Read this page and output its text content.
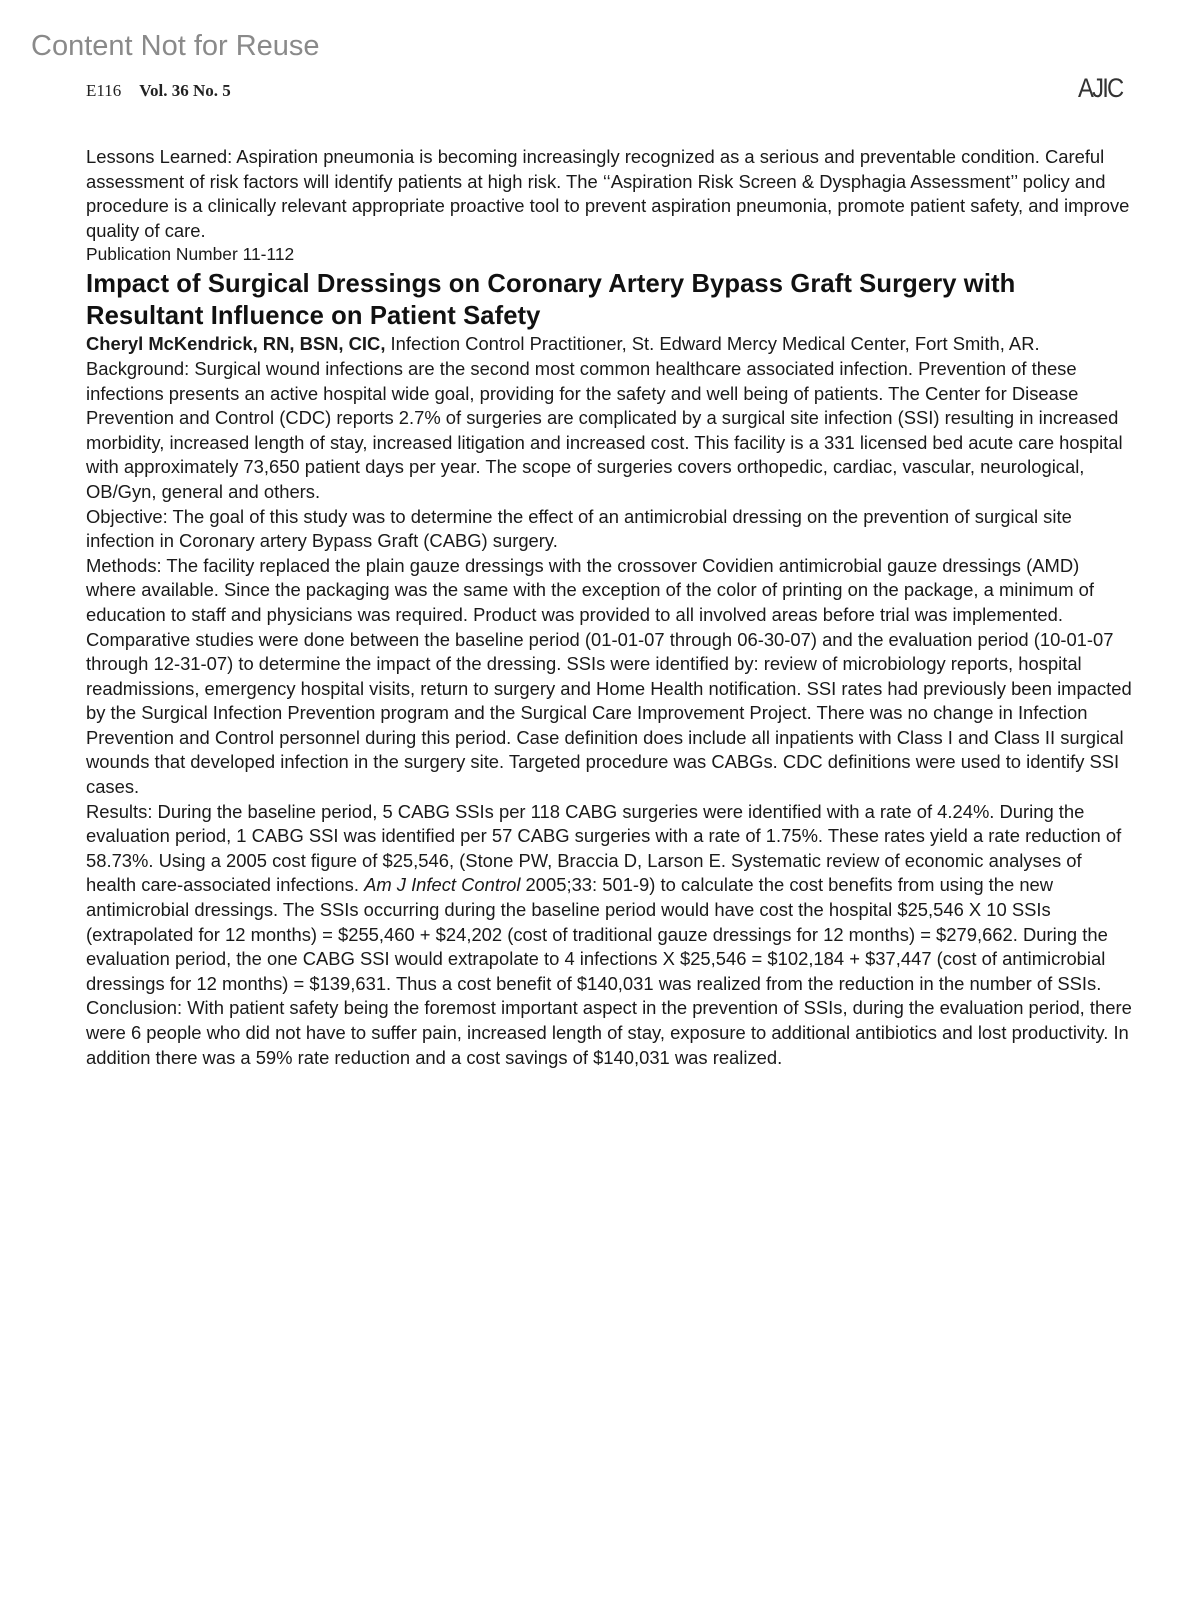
Content Not for Reuse
E116 Vol. 36 No. 5	AJIC

Lessons Learned: Aspiration pneumonia is becoming increasingly recognized as a serious and preventable condition. Careful assessment of risk factors will identify patients at high risk. The ‘‘Aspiration Risk Screen & Dysphagia Assessment’’ policy and procedure is a clinically relevant appropriate proactive tool to prevent aspiration pneumonia, promote patient safety, and improve quality of care.

Publication Number 11-112

Impact of Surgical Dressings on Coronary Artery Bypass Graft Surgery with Resultant Influence on Patient Safety

Cheryl McKendrick, RN, BSN, CIC, Infection Control Practitioner, St. Edward Mercy Medical Center, Fort Smith, AR.

Background: Surgical wound infections are the second most common healthcare associated infection. Prevention of these infections presents an active hospital wide goal, providing for the safety and well being of patients. The Center for Disease Prevention and Control (CDC) reports 2.7% of surgeries are complicated by a surgical site infection (SSI) resulting in increased morbidity, increased length of stay, increased litigation and increased cost. This facility is a 331 licensed bed acute care hospital with approximately 73,650 patient days per year. The scope of surgeries covers orthopedic, cardiac, vascular, neurological, OB/Gyn, general and others.

Objective: The goal of this study was to determine the effect of an antimicrobial dressing on the prevention of surgical site infection in Coronary artery Bypass Graft (CABG) surgery.

Methods: The facility replaced the plain gauze dressings with the crossover Covidien antimicrobial gauze dressings (AMD) where available. Since the packaging was the same with the exception of the color of printing on the package, a minimum of education to staff and physicians was required. Product was provided to all involved areas before trial was implemented. Comparative studies were done between the baseline period (01-01-07 through 06-30-07) and the evaluation period (10-01-07 through 12-31-07) to determine the impact of the dressing. SSIs were identified by: review of microbiology reports, hospital readmissions, emergency hospital visits, return to surgery and Home Health notification. SSI rates had previously been impacted by the Surgical Infection Prevention program and the Surgical Care Improvement Project. There was no change in Infection Prevention and Control personnel during this period. Case definition does include all inpatients with Class I and Class II surgical wounds that developed infection in the surgery site. Targeted procedure was CABGs. CDC definitions were used to identify SSI cases.

Results: During the baseline period, 5 CABG SSIs per 118 CABG surgeries were identified with a rate of 4.24%. During the evaluation period, 1 CABG SSI was identified per 57 CABG surgeries with a rate of 1.75%. These rates yield a rate reduction of 58.73%. Using a 2005 cost figure of $25,546, (Stone PW, Braccia D, Larson E. Systematic review of economic analyses of health care-associated infections. Am J Infect Control 2005;33: 501-9) to calculate the cost benefits from using the new antimicrobial dressings. The SSIs occurring during the baseline period would have cost the hospital $25,546 X 10 SSIs (extrapolated for 12 months) = $255,460 + $24,202 (cost of traditional gauze dressings for 12 months) = $279,662. During the evaluation period, the one CABG SSI would extrapolate to 4 infections X $25,546 = $102,184 + $37,447 (cost of antimicrobial dressings for 12 months) = $139,631. Thus a cost benefit of $140,031 was realized from the reduction in the number of SSIs.

Conclusion: With patient safety being the foremost important aspect in the prevention of SSIs, during the evaluation period, there were 6 people who did not have to suffer pain, increased length of stay, exposure to additional antibiotics and lost productivity. In addition there was a 59% rate reduction and a cost savings of $140,031 was realized.
